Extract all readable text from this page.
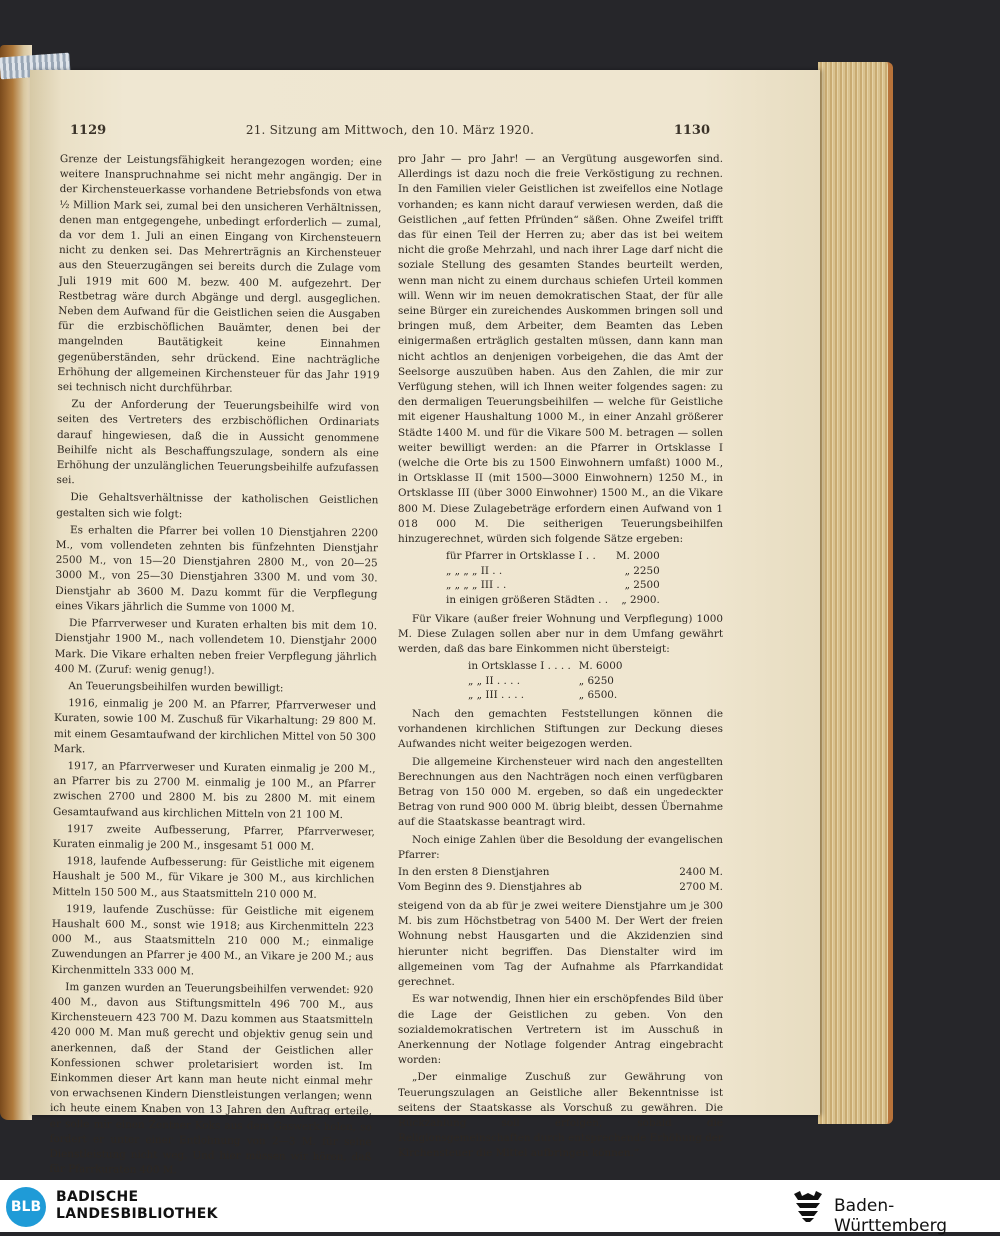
1129	21. Sitzung am Mittwoch, den 10. März 1920.	1130

Grenze der Leistungsfähigkeit herangezogen worden; eine weitere Inanspruchnahme sei nicht mehr angängig. Der in der Kirchensteuerkasse vorhandene Betriebsfonds von etwa ½ Million Mark sei, zumal bei den unsicheren Verhältnissen, denen man entgegengehe, unbedingt erforderlich — zumal, da vor dem 1. Juli an einen Eingang von Kirchensteuern nicht zu denken sei. Das Mehrerträgnis an Kirchensteuer aus den Steuerzugängen sei bereits durch die Zulage vom Juli 1919 mit 600 M. bezw. 400 M. aufgezehrt. Der Restbetrag wäre durch Abgänge und dergl. ausgeglichen. Neben dem Aufwand für die Geistlichen seien die Ausgaben für die erzbischöflichen Bauämter, denen bei der mangelnden Bautätigkeit keine Einnahmen gegenüberständen, sehr drückend. Eine nachträgliche Erhöhung der allgemeinen Kirchensteuer für das Jahr 1919 sei technisch nicht durchführbar.

Zu der Anforderung der Teuerungsbeihilfe wird von seiten des Vertreters des erzbischöflichen Ordinariats darauf hingewiesen, daß die in Aussicht genommene Beihilfe nicht als Beschaffungszulage, sondern als eine Erhöhung der unzulänglichen Teuerungsbeihilfe aufzufassen sei.

Die Gehaltsverhältnisse der katholischen Geistlichen gestalten sich wie folgt:

Es erhalten die Pfarrer bei vollen 10 Dienstjahren 2200 M., vom vollendeten zehnten bis fünfzehnten Dienstjahr 2500 M., von 15—20 Dienstjahren 2800 M., von 20—25 3000 M., von 25—30 Dienstjahren 3300 M. und vom 30. Dienstjahr ab 3600 M. Dazu kommt für die Verpflegung eines Vikars jährlich die Summe von 1000 M.

Die Pfarrverweser und Kuraten erhalten bis mit dem 10. Dienstjahr 1900 M., nach vollendetem 10. Dienstjahr 2000 Mark. Die Vikare erhalten neben freier Verpflegung jährlich 400 M. (Zuruf: wenig genug!).

An Teuerungsbeihilfen wurden bewilligt:

1916, einmalig je 200 M. an Pfarrer, Pfarrverweser und Kuraten, sowie 100 M. Zuschuß für Vikarhaltung: 29 800 M. mit einem Gesamtaufwand der kirchlichen Mittel von 50 300 Mark.

1917, an Pfarrverweser und Kuraten einmalig je 200 M., an Pfarrer bis zu 2700 M. einmalig je 100 M., an Pfarrer zwischen 2700 und 2800 M. bis zu 2800 M. mit einem Gesamtaufwand aus kirchlichen Mitteln von 21 100 M.

1917 zweite Aufbesserung, Pfarrer, Pfarrverweser, Kuraten einmalig je 200 M., insgesamt 51 000 M.

1918, laufende Aufbesserung: für Geistliche mit eigenem Haushalt je 500 M., für Vikare je 300 M., aus kirchlichen Mitteln 150 500 M., aus Staatsmitteln 210 000 M.

1919, laufende Zuschüsse: für Geistliche mit eigenem Haushalt 600 M., sonst wie 1918; aus Kirchenmitteln 223 000 M., aus Staatsmitteln 210 000 M.; einmalige Zuwendungen an Pfarrer je 400 M., an Vikare je 200 M.; aus Kirchenmitteln 333 000 M.

Im ganzen wurden an Teuerungsbeihilfen verwendet: 920 400 M., davon aus Stiftungsmitteln 496 700 M., aus Kirchensteuern 423 700 M. Dazu kommen aus Staatsmitteln 420 000 M. Man muß gerecht und objektiv genug sein und anerkennen, daß der Stand der Geistlichen aller Konfessionen schwer proletarisiert worden ist. Im Einkommen dieser Art kann man heute nicht einmal mehr von erwachsenen Kindern Dienstleistungen verlangen; wenn ich heute einem Knaben von 13 Jahren den Auftrag erteile, er solle mir einen Zentner Koks aus dem Gaswerk holen, so fordert er unter einer Entlohnung von 2—3 M. für seine Dienstleistung nicht weg. Und hier müssen wir hören, daß für Pfarrkuraten 400 M.

pro Jahr — pro Jahr! — an Vergütung ausgeworfen sind. Allerdings ist dazu noch die freie Verköstigung zu rechnen. In den Familien vieler Geistlichen ist zweifellos eine Notlage vorhanden; es kann nicht darauf verwiesen werden, daß die Geistlichen „auf fetten Pfründen“ säßen. Ohne Zweifel trifft das für einen Teil der Herren zu; aber das ist bei weitem nicht die große Mehrzahl, und nach ihrer Lage darf nicht die soziale Stellung des gesamten Standes beurteilt werden, wenn man nicht zu einem durchaus schiefen Urteil kommen will. Wenn wir im neuen demokratischen Staat, der für alle seine Bürger ein zureichendes Auskommen bringen soll und bringen muß, dem Arbeiter, dem Beamten das Leben einigermaßen erträglich gestalten müssen, dann kann man nicht achtlos an denjenigen vorbeigehen, die das Amt der Seelsorge auszuüben haben. Aus den Zahlen, die mir zur Verfügung stehen, will ich Ihnen weiter folgendes sagen: zu den dermaligen Teuerungsbeihilfen — welche für Geistliche mit eigener Haushaltung 1000 M., in einer Anzahl größerer Städte 1400 M. und für die Vikare 500 M. betragen — sollen weiter bewilligt werden: an die Pfarrer in Ortsklasse I (welche die Orte bis zu 1500 Einwohnern umfaßt) 1000 M., in Ortsklasse II (mit 1500—3000 Einwohnern) 1250 M., in Ortsklasse III (über 3000 Einwohner) 1500 M., an die Vikare 800 M. Diese Zulagebeträge erfordern einen Aufwand von 1 018 000 M. Die seitherigen Teuerungsbeihilfen hinzugerechnet, würden sich folgende Sätze ergeben:

für Pfarrer in Ortsklasse I . .	M. 2000
„ „ „ „ II . .	„ 2250
„ „ „ „ III . .	„ 2500
in einigen größeren Städten . .	„ 2900.

Für Vikare (außer freier Wohnung und Verpflegung) 1000 M. Diese Zulagen sollen aber nur in dem Umfang gewährt werden, daß das bare Einkommen nicht übersteigt:

in Ortsklasse I . . . .	M. 6000
„ „ II . . . .	„ 6250
„ „ III . . . .	„ 6500.

Nach den gemachten Feststellungen können die vorhandenen kirchlichen Stiftungen zur Deckung dieses Aufwandes nicht weiter beigezogen werden.

Die allgemeine Kirchensteuer wird nach den angestellten Berechnungen aus den Nachträgen noch einen verfügbaren Betrag von 150 000 M. ergeben, so daß ein ungedeckter Betrag von rund 900 000 M. übrig bleibt, dessen Übernahme auf die Staatskasse beantragt wird.

Noch einige Zahlen über die Besoldung der evangelischen Pfarrer:

In den ersten 8 Dienstjahren	2400 M.
Vom Beginn des 9. Dienstjahres ab	2700 M.

steigend von da ab für je zwei weitere Dienstjahre um je 300 M. bis zum Höchstbetrag von 5400 M. Der Wert der freien Wohnung nebst Hausgarten und die Akzidenzien sind hierunter nicht begriffen. Das Dienstalter wird im allgemeinen vom Tag der Aufnahme als Pfarrkandidat gerechnet.

Es war notwendig, Ihnen hier ein erschöpfendes Bild über die Lage der Geistlichen zu geben. Von den sozialdemokratischen Vertretern ist im Ausschuß in Anerkennung der Notlage folgender Antrag eingebracht worden:

„Der einmalige Zuschuß zur Gewährung von Teuerungszulagen an Geistliche aller Bekenntnisse ist seitens der Staatskasse als Vorschuß zu gewähren. Die Rückzahlung soll erfolgen, sobald die Religionsgemeinschaften durch entsprechende Erhöhung der Kirchensteuer die Mittel aufbringen können.“

BLB
BADISCHE
LANDESBIBLIOTHEK	Baden-Württemberg
